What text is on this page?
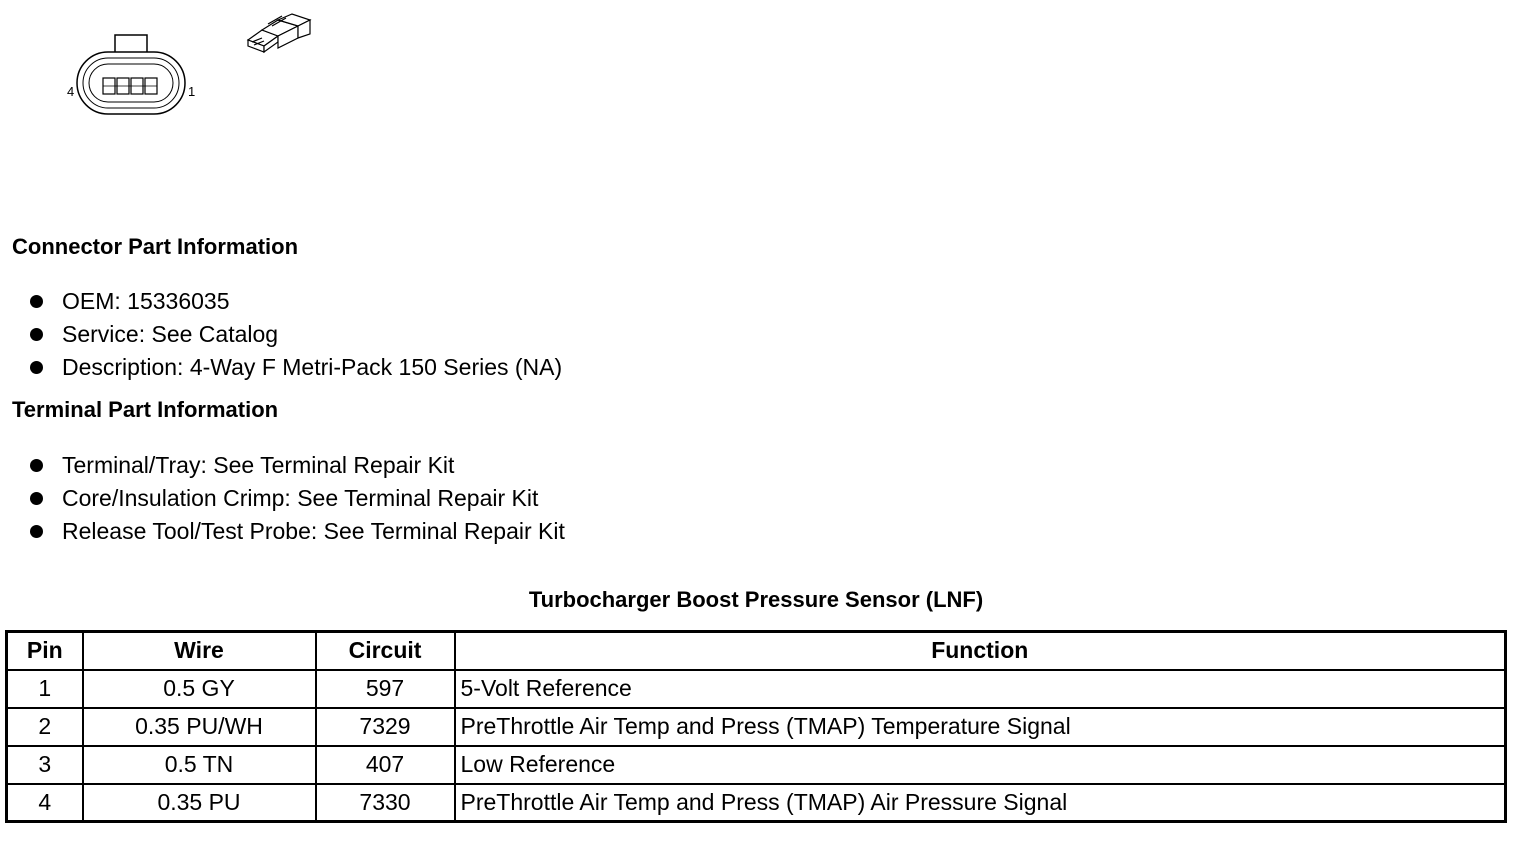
4	1
Connector Part Information
OEM: 15336035
Service: See Catalog
Description: 4-Way F Metri-Pack 150 Series (NA)
Terminal Part Information
Terminal/Tray: See Terminal Repair Kit
Core/Insulation Crimp: See Terminal Repair Kit
Release Tool/Test Probe: See Terminal Repair Kit
Turbocharger Boost Pressure Sensor (LNF)
Pin	Wire	Circuit	Function
1	0.5 GY	597	5-Volt Reference
2	0.35 PU/WH	7329	PreThrottle Air Temp and Press (TMAP) Temperature Signal
3	0.5 TN	407	Low Reference
4	0.35 PU	7330	PreThrottle Air Temp and Press (TMAP) Air Pressure Signal
